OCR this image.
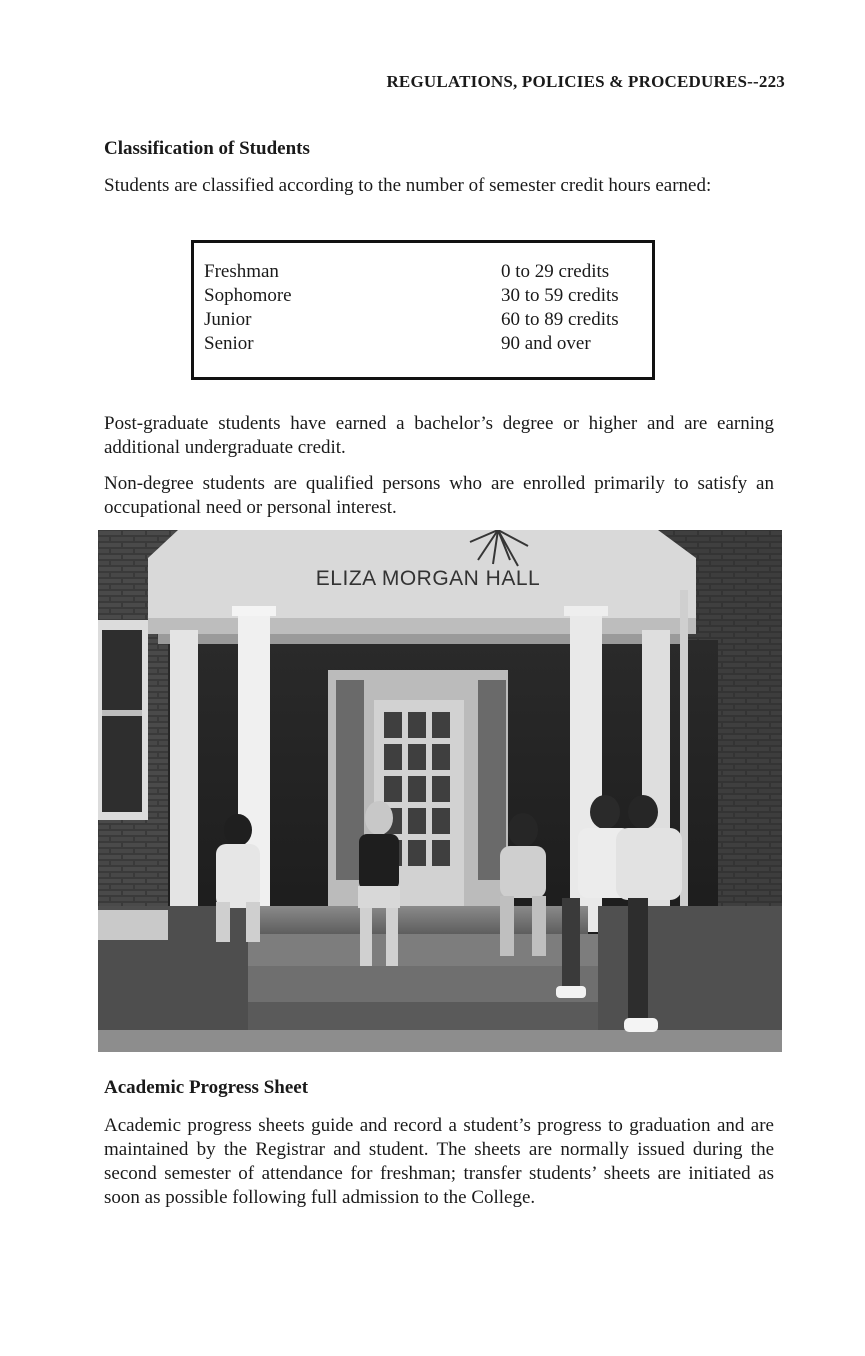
REGULATIONS, POLICIES & PROCEDURES--223
Classification of Students

Students are classified according to the number of semester credit hours earned:

Freshman	0 to 29 credits
Sophomore	30 to 59 credits
Junior	60 to 89 credits
Senior	90 and over

Post-graduate students have earned a bachelor’s degree or higher and are earning additional undergraduate credit.

Non-degree students are qualified persons who are enrolled primarily to satisfy an occupational need or personal interest.

ELIZA MORGAN HALL
Academic Progress Sheet

Academic progress sheets guide and record a student’s progress to graduation and are maintained by the Registrar and student. The sheets are normally issued during the second semester of attendance for freshman; transfer students’ sheets are initiated as soon as possible following full admission to the College.
